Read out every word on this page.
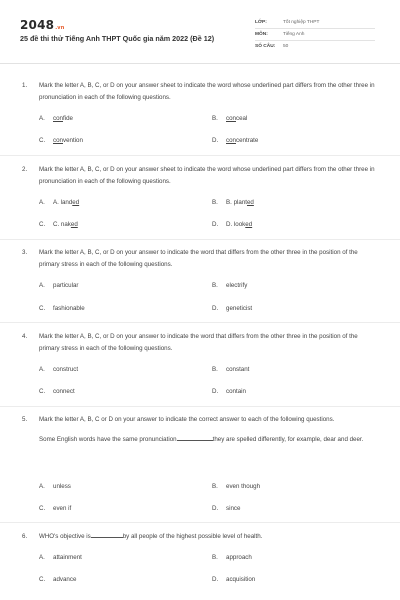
2048.vn
25 đề thi thử Tiếng Anh THPT Quốc gia năm 2022 (Đề 12)
LỚP:	Tốt nghiệp THPT
MÔN:	Tiếng Anh
SỐ CÂU:	50
1.	Mark the letter A, B, C, or D on your answer sheet to indicate the word whose underlined part differs from the other three in pronunciation in each of the following questions.
A.	con fide	B.	con ceal
C.	con vention	D.	con centrate
2.	Mark the letter A, B, C, or D on your answer sheet to indicate the word whose underlined part differs from the other three in pronunciation in each of the following questions.
A.	A. land ed	B.	B. plant ed
C.	C. nak ed	D.	D. look ed
3.	Mark the letter A, B, C, or D on your answer to indicate the word that differs from the other three in the position of the primary stress in each of the following questions.
A.	particular	B.	electrify
C.	fashionable	D.	geneticist
4.	Mark the letter A, B, C, or D on your answer to indicate the word that differs from the other three in the position of the primary stress in each of the following questions.
A.	construct	B.	constant
C.	connect	D.	contain
5.	Mark the letter A, B, C or D on your answer to indicate the correct answer to each of the following questions.
Some English words have the same pronunciation	they are spelled differently, for example, dear and deer.
A.	unless	B.	even though
C.	even if	D.	since
6.	WHO's objective is	by all people of the highest possible level of health.
A.	attainment	B.	approach
C.	advance	D.	acquisition
